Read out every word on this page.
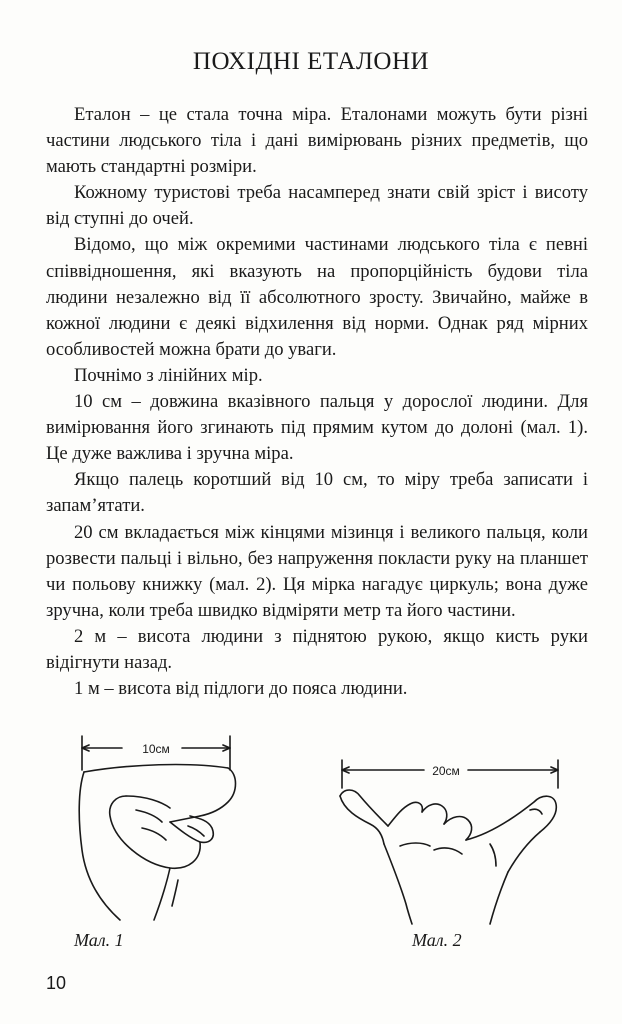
ПОХІДНІ ЕТАЛОНИ

Еталон – це стала точна міра. Еталонами можуть бути різні частини людського тіла і дані вимірювань різних предметів, що мають стандартні розміри.

Кожному туристові треба насамперед знати свій зріст і висоту від ступні до очей.

Відомо, що між окремими частинами людського тіла є певні співвідношення, які вказують на пропорційність будови тіла людини незалежно від її абсолютного зросту. Звичайно, майже в кожної людини є деякі відхилення від норми. Однак ряд мірних особливостей можна брати до уваги.

Почнімо з лінійних мір.

10 см – довжина вказівного пальця у дорослої людини. Для вимірювання його згинають під прямим кутом до долоні (мал. 1). Це дуже важлива і зручна міра.

Якщо палець коротший від 10 см, то міру треба записати і запам’ятати.

20 см вкладається між кінцями мізинця і великого пальця, коли розвести пальці і вільно, без напруження покласти руку на планшет чи польову книжку (мал. 2). Ця мірка нагадує циркуль; вона дуже зручна, коли треба швидко відміряти метр та його частини.

2 м – висота людини з піднятою рукою, якщо кисть руки відігнути назад.

1 м – висота від підлоги до пояса людини.

10см
20см
Мал. 1	Мал. 2
10
